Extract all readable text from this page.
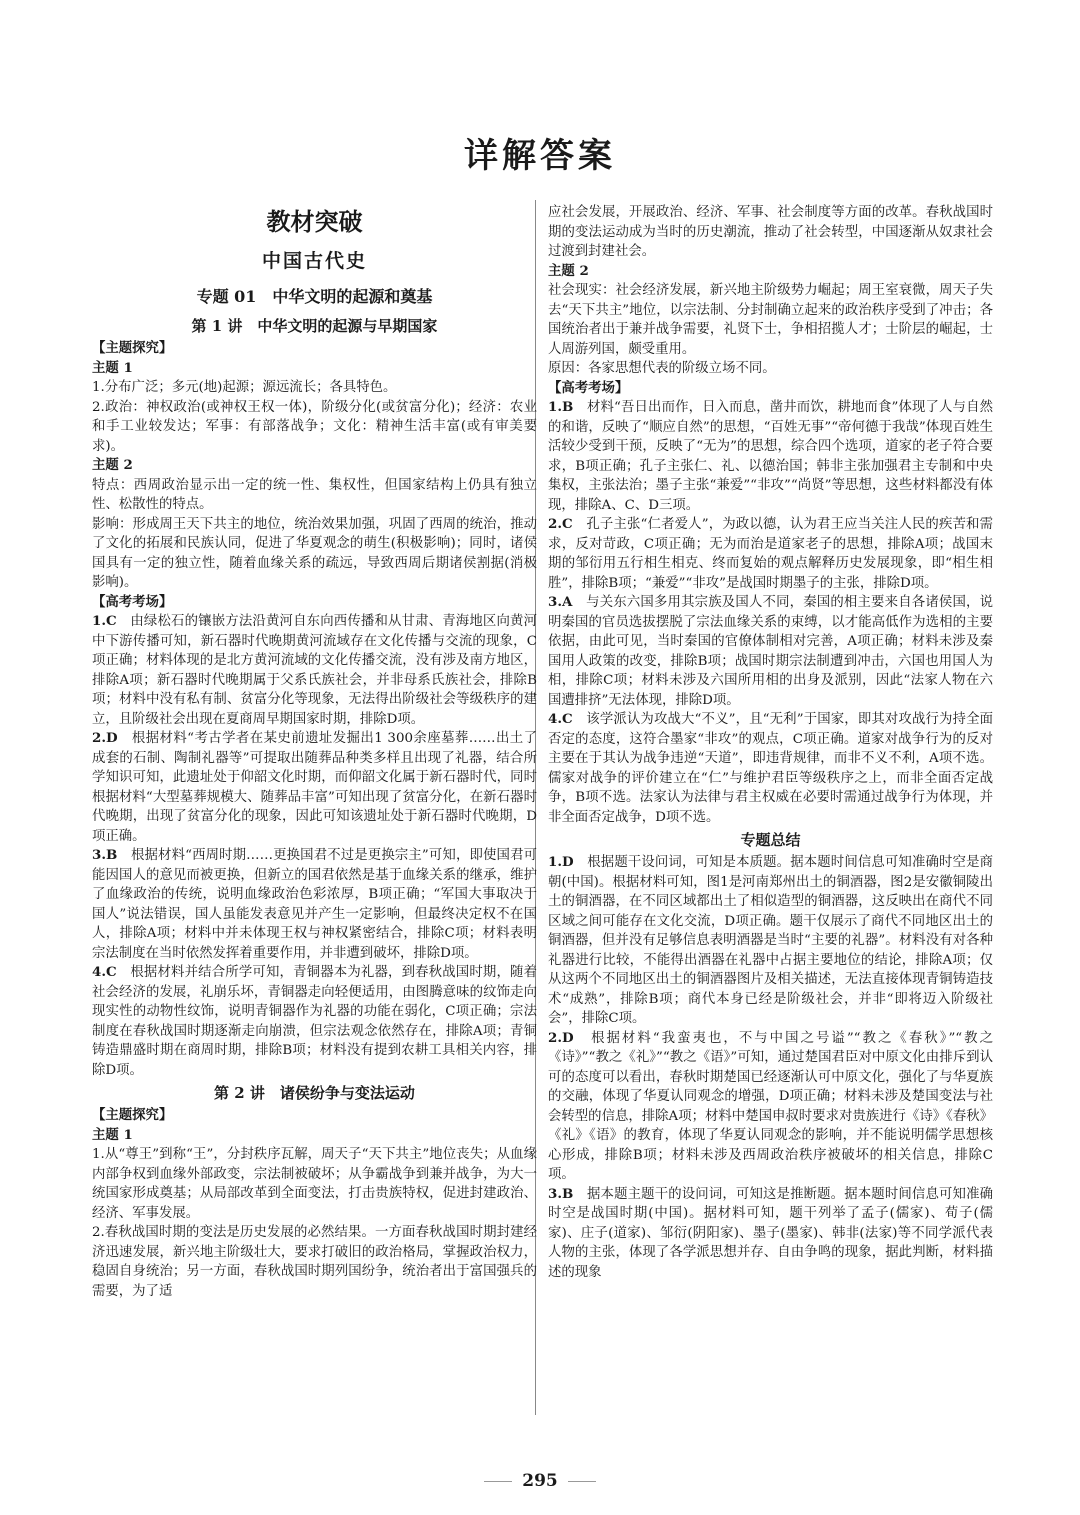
详解答案
教材突破
中国古代史
专题 01　中华文明的起源和奠基
第 1 讲　中华文明的起源与早期国家

【主题探究】

主题 1

1.分布广泛；多元(地)起源；源远流长；各具特色。

2.政治：神权政治(或神权王权一体)，阶级分化(或贫富分化)；经济：农业和手工业较发达；军事：有部落战争；文化：精神生活丰富(或有审美要求)。

主题 2

特点：西周政治显示出一定的统一性、集权性，但国家结构上仍具有独立性、松散性的特点。

影响：形成周王天下共主的地位，统治效果加强，巩固了西周的统治，推动了文化的拓展和民族认同，促进了华夏观念的萌生(积极影响)；同时，诸侯国具有一定的独立性，随着血缘关系的疏远，导致西周后期诸侯割据(消极影响)。

【高考考场】

1.C　由绿松石的镶嵌方法沿黄河自东向西传播和从甘肃、青海地区向黄河中下游传播可知，新石器时代晚期黄河流域存在文化传播与交流的现象，C项正确；材料体现的是北方黄河流域的文化传播交流，没有涉及南方地区，排除A项；新石器时代晚期属于父系氏族社会，并非母系氏族社会，排除B项；材料中没有私有制、贫富分化等现象，无法得出阶级社会等级秩序的建立，且阶级社会出现在夏商周早期国家时期，排除D项。

2.D　根据材料“考古学者在某史前遗址发掘出1 300余座墓葬……出土了成套的石制、陶制礼器等”可提取出随葬品种类多样且出现了礼器，结合所学知识可知，此遗址处于仰韶文化时期，而仰韶文化属于新石器时代，同时根据材料“大型墓葬规模大、随葬品丰富”可知出现了贫富分化，在新石器时代晚期，出现了贫富分化的现象，因此可知该遗址处于新石器时代晚期，D项正确。

3.B　根据材料“西周时期……更换国君不过是更换宗主”可知，即使国君可能因国人的意见而被更换，但新立的国君依然是基于血缘关系的继承，维护了血缘政治的传统，说明血缘政治色彩浓厚，B项正确；“军国大事取决于国人”说法错误，国人虽能发表意见并产生一定影响，但最终决定权不在国人，排除A项；材料中并未体现王权与神权紧密结合，排除C项；材料表明宗法制度在当时依然发挥着重要作用，并非遭到破坏，排除D项。

4.C　根据材料并结合所学可知，青铜器本为礼器，到春秋战国时期，随着社会经济的发展，礼崩乐坏，青铜器走向轻便适用，由图腾意味的纹饰走向现实性的动物性纹饰，说明青铜器作为礼器的功能在弱化，C项正确；宗法制度在春秋战国时期逐渐走向崩溃，但宗法观念依然存在，排除A项；青铜铸造鼎盛时期在商周时期，排除B项；材料没有提到农耕工具相关内容，排除D项。

第 2 讲　诸侯纷争与变法运动

【主题探究】

主题 1

1.从“尊王”到称“王”，分封秩序瓦解，周天子“天下共主”地位丧失；从血缘内部争权到血缘外部政变，宗法制被破坏；从争霸战争到兼并战争，为大一统国家形成奠基；从局部改革到全面变法，打击贵族特权，促进封建政治、经济、军事发展。

2.春秋战国时期的变法是历史发展的必然结果。一方面春秋战国时期封建经济迅速发展，新兴地主阶级壮大，要求打破旧的政治格局，掌握政治权力，稳固自身统治；另一方面，春秋战国时期列国纷争，统治者出于富国强兵的需要，为了适

应社会发展，开展政治、经济、军事、社会制度等方面的改革。春秋战国时期的变法运动成为当时的历史潮流，推动了社会转型，中国逐渐从奴隶社会过渡到封建社会。

主题 2

社会现实：社会经济发展，新兴地主阶级势力崛起；周王室衰微，周天子失去“天下共主”地位，以宗法制、分封制确立起来的政治秩序受到了冲击；各国统治者出于兼并战争需要，礼贤下士，争相招揽人才；士阶层的崛起，士人周游列国，颇受重用。

原因：各家思想代表的阶级立场不同。

【高考考场】

1.B　材料“吾日出而作，日入而息，凿井而饮，耕地而食”体现了人与自然的和谐，反映了“顺应自然”的思想，“百姓无事”“帝何德于我哉”体现百姓生活较少受到干预，反映了“无为”的思想，综合四个选项，道家的老子符合要求，B项正确；孔子主张仁、礼、以德治国；韩非主张加强君主专制和中央集权，主张法治；墨子主张“兼爱”“非攻”“尚贤”等思想，这些材料都没有体现，排除A、C、D三项。

2.C　孔子主张“仁者爱人”，为政以德，认为君王应当关注人民的疾苦和需求，反对苛政，C项正确；无为而治是道家老子的思想，排除A项；战国末期的邹衍用五行相生相克、终而复始的观点解释历史发展现象，即“相生相胜”，排除B项；“兼爱”“非攻”是战国时期墨子的主张，排除D项。

3.A　与关东六国多用其宗族及国人不同，秦国的相主要来自各诸侯国，说明秦国的官员选拔摆脱了宗法血缘关系的束缚，以才能高低作为选相的主要依据，由此可见，当时秦国的官僚体制相对完善，A项正确；材料未涉及秦国用人政策的改变，排除B项；战国时期宗法制遭到冲击，六国也用国人为相，排除C项；材料未涉及六国所用相的出身及派别，因此“法家人物在六国遭排挤”无法体现，排除D项。

4.C　该学派认为攻战大“不义”，且“无利”于国家，即其对攻战行为持全面否定的态度，这符合墨家“非攻”的观点，C项正确。道家对战争行为的反对主要在于其认为战争违逆“天道”，即违背规律，而非不义不利，A项不选。儒家对战争的评价建立在“仁”与维护君臣等级秩序之上，而非全面否定战争，B项不选。法家认为法律与君主权威在必要时需通过战争行为体现，并非全面否定战争，D项不选。

专题总结

1.D　根据题干设问词，可知是本质题。据本题时间信息可知准确时空是商朝(中国)。根据材料可知，图1是河南郑州出土的铜酒器，图2是安徽铜陵出土的铜酒器，在不同区域都出土了相似造型的铜酒器，这反映出在商代不同区域之间可能存在文化交流，D项正确。题干仅展示了商代不同地区出土的铜酒器，但并没有足够信息表明酒器是当时“主要的礼器”。材料没有对各种礼器进行比较，不能得出酒器在礼器中占据主要地位的结论，排除A项；仅从这两个不同地区出土的铜酒器图片及相关描述，无法直接体现青铜铸造技术“成熟”，排除B项；商代本身已经是阶级社会，并非“即将迈入阶级社会”，排除C项。

2.D　根据材料“我蛮夷也，不与中国之号谥”“教之《春秋》”“教之《诗》”“教之《礼》”“教之《语》”可知，通过楚国君臣对中原文化由排斥到认可的态度可以看出，春秋时期楚国已经逐渐认可中原文化，强化了与华夏族的交融，体现了华夏认同观念的增强，D项正确；材料未涉及楚国变法与社会转型的信息，排除A项；材料中楚国申叔时要求对贵族进行《诗》《春秋》《礼》《语》的教育，体现了华夏认同观念的影响，并不能说明儒学思想核心形成，排除B项；材料未涉及西周政治秩序被破坏的相关信息，排除C项。

3.B　据本题主题干的设问词，可知这是推断题。据本题时间信息可知准确时空是战国时期(中国)。据材料可知，题干列举了孟子(儒家)、荀子(儒家)、庄子(道家)、邹衍(阴阳家)、墨子(墨家)、韩非(法家)等不同学派代表人物的主张，体现了各学派思想并存、自由争鸣的现象，据此判断，材料描述的现象

295
